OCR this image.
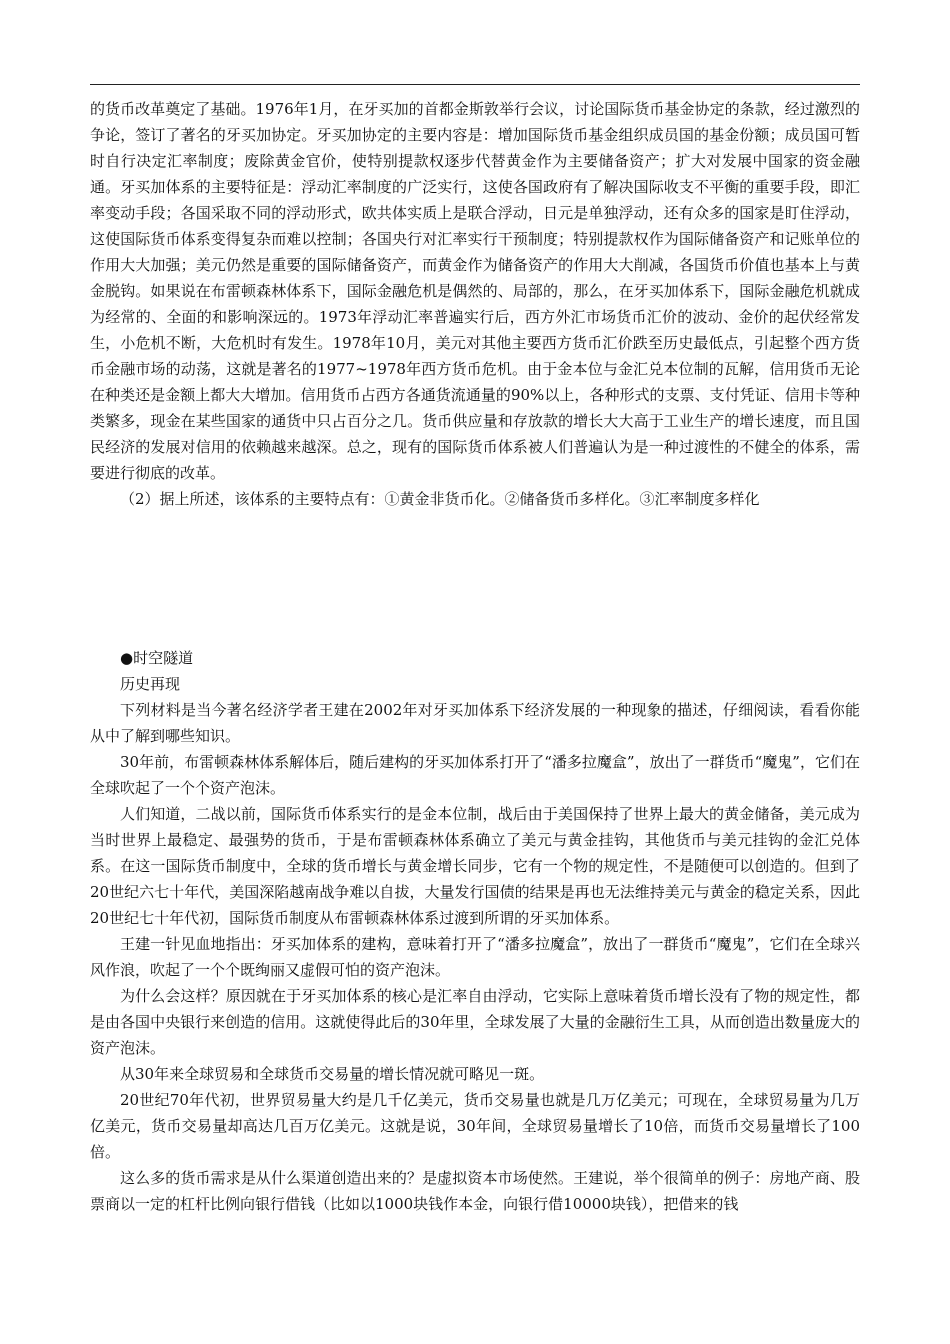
的货币改革奠定了基础。1976年1月，在牙买加的首都金斯敦举行会议，讨论国际货币基金协定的条款，经过激烈的争论，签订了著名的牙买加协定。牙买加协定的主要内容是：增加国际货币基金组织成员国的基金份额；成员国可暂时自行决定汇率制度；废除黄金官价，使特别提款权逐步代替黄金作为主要储备资产；扩大对发展中国家的资金融通。牙买加体系的主要特征是：浮动汇率制度的广泛实行，这使各国政府有了解决国际收支不平衡的重要手段，即汇率变动手段；各国采取不同的浮动形式，欧共体实质上是联合浮动，日元是单独浮动，还有众多的国家是盯住浮动，这使国际货币体系变得复杂而难以控制；各国央行对汇率实行干预制度；特别提款权作为国际储备资产和记账单位的作用大大加强；美元仍然是重要的国际储备资产，而黄金作为储备资产的作用大大削减，各国货币价值也基本上与黄金脱钩。如果说在布雷顿森林体系下，国际金融危机是偶然的、局部的，那么，在牙买加体系下，国际金融危机就成为经常的、全面的和影响深远的。1973年浮动汇率普遍实行后，西方外汇市场货币汇价的波动、金价的起伏经常发生，小危机不断，大危机时有发生。1978年10月，美元对其他主要西方货币汇价跌至历史最低点，引起整个西方货币金融市场的动荡，这就是著名的1977~1978年西方货币危机。由于金本位与金汇兑本位制的瓦解，信用货币无论在种类还是金额上都大大增加。信用货币占西方各通货流通量的90%以上，各种形式的支票、支付凭证、信用卡等种类繁多，现金在某些国家的通货中只占百分之几。货币供应量和存放款的增长大大高于工业生产的增长速度，而且国民经济的发展对信用的依赖越来越深。总之，现有的国际货币体系被人们普遍认为是一种过渡性的不健全的体系，需要进行彻底的改革。

（2）据上所述，该体系的主要特点有：①黄金非货币化。②储备货币多样化。③汇率制度多样化

●时空隧道

历史再现

下列材料是当今著名经济学者王建在2002年对牙买加体系下经济发展的一种现象的描述，仔细阅读，看看你能从中了解到哪些知识。

30年前，布雷顿森林体系解体后，随后建构的牙买加体系打开了“潘多拉魔盒”，放出了一群货币“魔鬼”，它们在全球吹起了一个个资产泡沫。

人们知道，二战以前，国际货币体系实行的是金本位制，战后由于美国保持了世界上最大的黄金储备，美元成为当时世界上最稳定、最强势的货币，于是布雷顿森林体系确立了美元与黄金挂钩，其他货币与美元挂钩的金汇兑体系。在这一国际货币制度中，全球的货币增长与黄金增长同步，它有一个物的规定性，不是随便可以创造的。但到了20世纪六七十年代，美国深陷越南战争难以自拔，大量发行国债的结果是再也无法维持美元与黄金的稳定关系，因此20世纪七十年代初，国际货币制度从布雷顿森林体系过渡到所谓的牙买加体系。

王建一针见血地指出：牙买加体系的建构，意味着打开了“潘多拉魔盒”，放出了一群货币“魔鬼”，它们在全球兴风作浪，吹起了一个个既绚丽又虚假可怕的资产泡沫。

为什么会这样？原因就在于牙买加体系的核心是汇率自由浮动，它实际上意味着货币增长没有了物的规定性，都是由各国中央银行来创造的信用。这就使得此后的30年里，全球发展了大量的金融衍生工具，从而创造出数量庞大的资产泡沫。

从30年来全球贸易和全球货币交易量的增长情况就可略见一斑。

20世纪70年代初，世界贸易量大约是几千亿美元，货币交易量也就是几万亿美元；可现在，全球贸易量为几万亿美元，货币交易量却高达几百万亿美元。这就是说，30年间，全球贸易量增长了10倍，而货币交易量增长了100倍。

这么多的货币需求是从什么渠道创造出来的？是虚拟资本市场使然。王建说，举个很简单的例子：房地产商、股票商以一定的杠杆比例向银行借钱（比如以1000块钱作本金，向银行借10000块钱），把借来的钱
